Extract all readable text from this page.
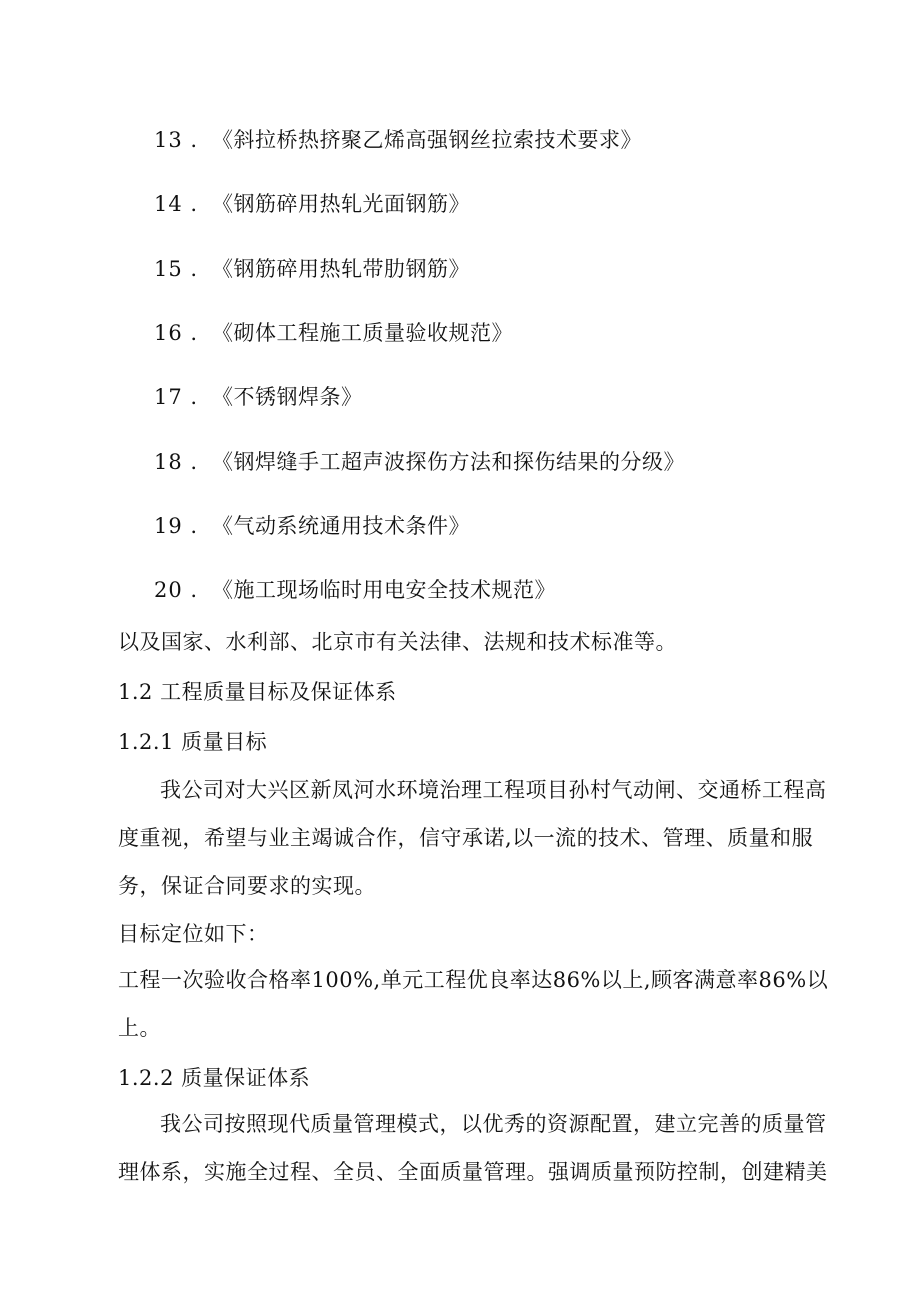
13 . 《斜拉桥热挤聚乙烯高强钢丝拉索技术要求》
14 . 《钢筋碎用热轧光面钢筋》
15 . 《钢筋碎用热轧带肋钢筋》
16 . 《砌体工程施工质量验收规范》
17 . 《不锈钢焊条》
18 . 《钢焊缝手工超声波探伤方法和探伤结果的分级》
19 . 《气动系统通用技术条件》
20 . 《施工现场临时用电安全技术规范》
以及国家、水利部、北京市有关法律、法规和技术标准等。
1.2 工程质量目标及保证体系
1.2.1 质量目标
我公司对大兴区新凤河水环境治理工程项目孙村气动闸、交通桥工程高
度重视，希望与业主竭诚合作，信守承诺,以一流的技术、管理、质量和服
务，保证合同要求的实现。
目标定位如下：
工程一次验收合格率100%,单元工程优良率达86%以上,顾客满意率86%以
上。
1.2.2 质量保证体系
我公司按照现代质量管理模式，以优秀的资源配置，建立完善的质量管
理体系，实施全过程、全员、全面质量管理。强调质量预防控制，创建精美
